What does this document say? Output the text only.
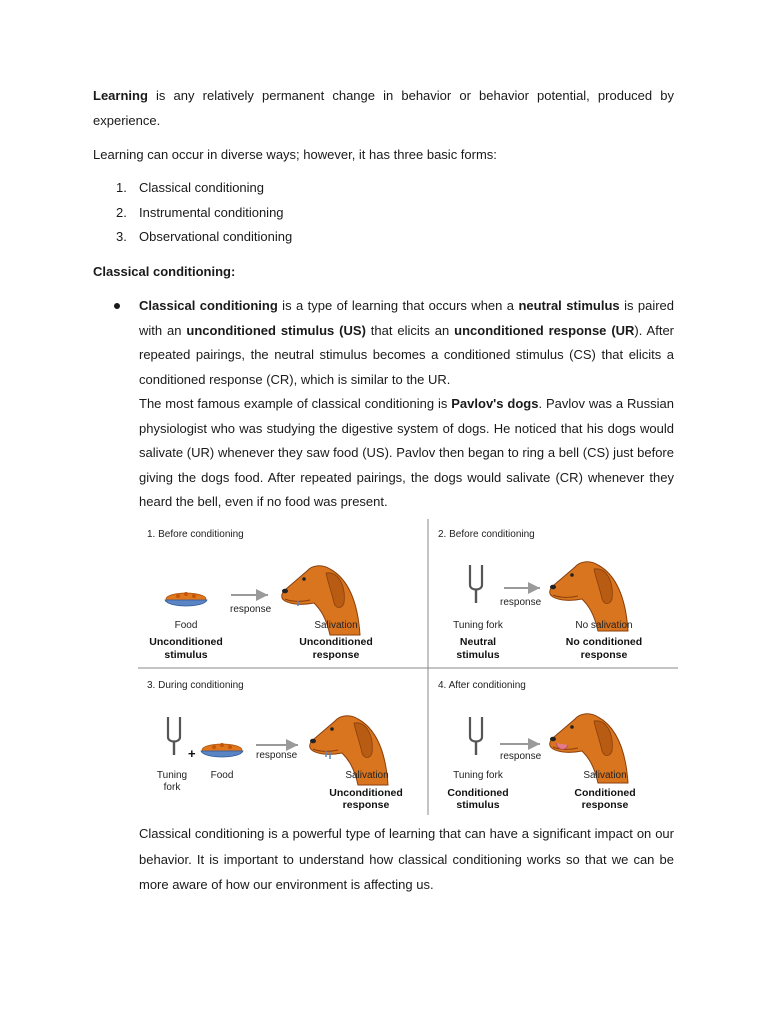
Learning is any relatively permanent change in behavior or behavior potential, produced by experience.

Learning can occur in diverse ways; however, it has three basic forms:

1. Classical conditioning
2. Instrumental conditioning
3. Observational conditioning

Classical conditioning:

Classical conditioning is a type of learning that occurs when a neutral stimulus is paired with an unconditioned stimulus (US) that elicits an unconditioned response (UR). After repeated pairings, the neutral stimulus becomes a conditioned stimulus (CS) that elicits a conditioned response (CR), which is similar to the UR.
The most famous example of classical conditioning is Pavlov's dogs. Pavlov was a Russian physiologist who was studying the digestive system of dogs. He noticed that his dogs would salivate (UR) whenever they saw food (US). Pavlov then began to ring a bell (CS) just before giving the dogs food. After repeated pairings, the dogs would salivate (CR) whenever they heard the bell, even if no food was present.
1. Before conditioning
response
Food	Salivation
Unconditioned
stimulus
Unconditioned
response
2. Before conditioning
response
Tuning fork	No salivation
Neutral
stimulus
No conditioned
response
3. During conditioning
+	response
Tuning
fork
Food	Salivation
Unconditioned
response
4. After conditioning
response
Tuning fork	Salivation
Conditioned
stimulus
Conditioned
response

Classical conditioning is a powerful type of learning that can have a significant impact on our behavior. It is important to understand how classical conditioning works so that we can be more aware of how our environment is affecting us.
